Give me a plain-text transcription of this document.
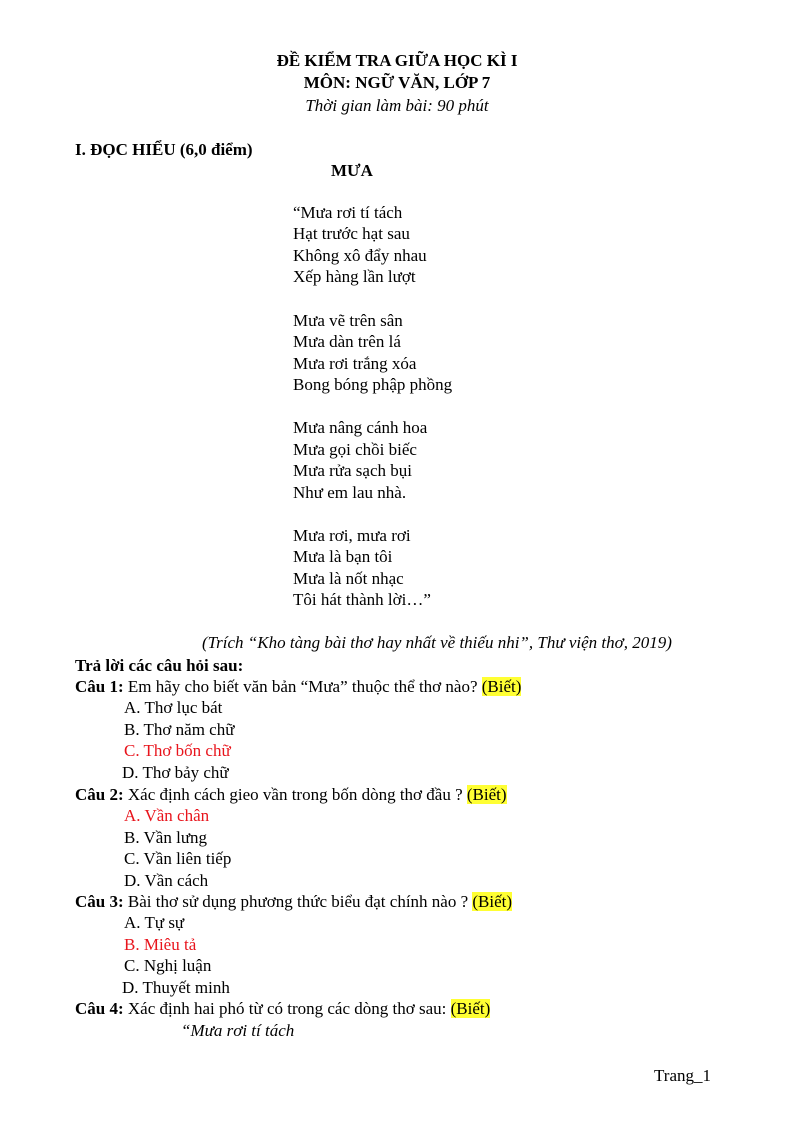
ĐỀ KIỂM TRA GIỮA HỌC KÌ I
MÔN: NGỮ VĂN, LỚP 7
Thời gian làm bài: 90 phút
I. ĐỌC HIỂU (6,0 điểm)
MƯA
“Mưa rơi tí tách
Hạt trước hạt sau
Không xô đẩy nhau
Xếp hàng lần lượt
Mưa vẽ trên sân
Mưa dàn trên lá
Mưa rơi trắng xóa
Bong bóng phập phồng
Mưa nâng cánh hoa
Mưa gọi chồi biếc
Mưa rửa sạch bụi
Như em lau nhà.
Mưa rơi, mưa rơi
Mưa là bạn tôi
Mưa là nốt nhạc
Tôi hát thành lời…”
(Trích “Kho tàng bài thơ hay nhất về thiếu nhi”, Thư viện thơ, 2019)
Trả lời các câu hỏi sau:
Câu 1: Em hãy cho biết văn bản “Mưa” thuộc thể thơ nào? (Biết)
A. Thơ lục bát
B. Thơ năm chữ
C. Thơ bốn chữ
D. Thơ bảy chữ
Câu 2: Xác định cách gieo vần trong bốn dòng thơ đầu ? (Biết)
A. Vần chân
B. Vần lưng
C. Vần liên tiếp
D. Vần cách
Câu 3: Bài thơ sử dụng phương thức biểu đạt chính nào ? (Biết)
A. Tự sự
B. Miêu tả
C. Nghị luận
D. Thuyết minh
Câu 4: Xác định hai phó từ có trong các dòng thơ sau: (Biết)
“Mưa rơi tí tách
Trang_1
